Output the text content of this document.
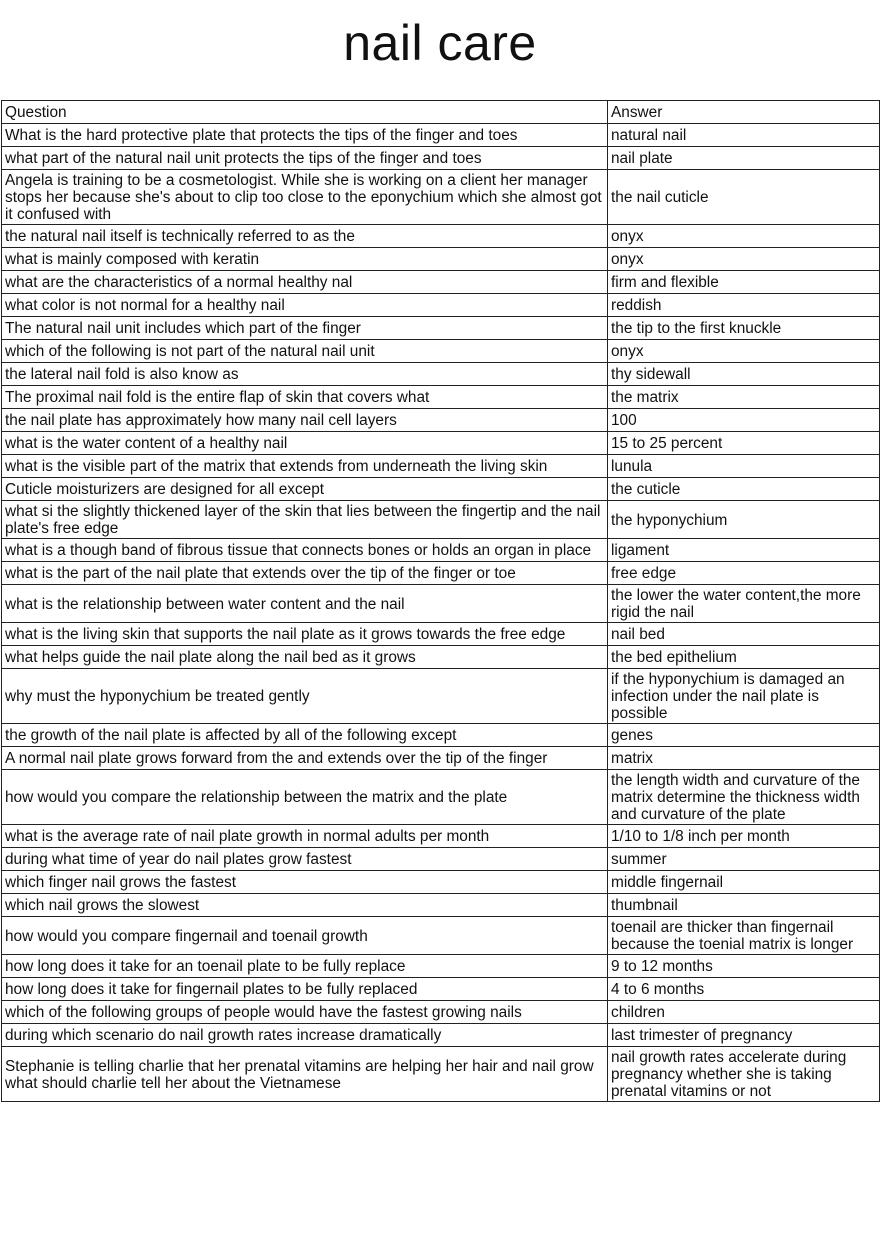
nail care
Question	Answer
What is the hard protective plate that protects the tips of the finger and toes	natural nail
what part of the natural nail unit protects the tips of the finger and toes	nail plate
Angela is training to be a cosmetologist. While she is working on a client her manager stops her because she's about to clip too close to the eponychium which she almost got it confused with	the nail cuticle
the natural nail itself is technically referred to as the	onyx
what is mainly composed with keratin	onyx
what are the characteristics of a normal healthy nal	firm and flexible
what color is not normal for a healthy nail	reddish
The natural nail unit includes which part of the finger	the tip to the first knuckle
which of the following is not part of the natural nail unit	onyx
the lateral nail fold is also know as	thy sidewall
The proximal nail fold is the entire flap of skin that covers what	the matrix
the nail plate has approximately how many nail cell layers	100
what is the water content of a healthy nail	15 to 25 percent
what is the visible part of the matrix that extends from underneath the living skin	lunula
Cuticle moisturizers are designed for all except	the cuticle
what si the slightly thickened layer of the skin that lies between the fingertip and the nail plate's free edge	the hyponychium
what is a though band of fibrous tissue that connects bones or holds an organ in place	ligament
what is the part of the nail plate that extends over the tip of the finger or toe	free edge
what is the relationship between water content and the nail	the lower the water content,the more rigid the nail
what is the living skin that supports the nail plate as it grows towards the free edge	nail bed
what helps guide the nail plate along the nail bed as it grows	the bed epithelium
why must the hyponychium be treated gently	if the hyponychium is damaged an infection under the nail plate is possible
the growth of the nail plate is affected by all of the following except	genes
A normal nail plate grows forward from the and extends over the tip of the finger	matrix
how would you compare the relationship between the matrix and the plate	the length width and curvature of the matrix determine the thickness width and curvature of the plate
what is the average rate of nail plate growth in normal adults per month	1/10 to 1/8 inch per month
during what time of year do nail plates grow fastest	summer
which finger nail grows the fastest	middle fingernail
which nail grows the slowest	thumbnail
how would you compare fingernail and toenail growth	toenail are thicker than fingernail because the toenial matrix is longer
how long does it take for an toenail plate to be fully replace	9 to 12 months
how long does it take for fingernail plates to be fully replaced	4 to 6 months
which of the following groups of people would have the fastest growing nails	children
during which scenario do nail growth rates increase dramatically	last trimester of pregnancy
Stephanie is telling charlie that her prenatal vitamins are helping her hair and nail grow what should charlie tell her about the Vietnamese	nail growth rates accelerate during pregnancy whether she is taking prenatal vitamins or not
